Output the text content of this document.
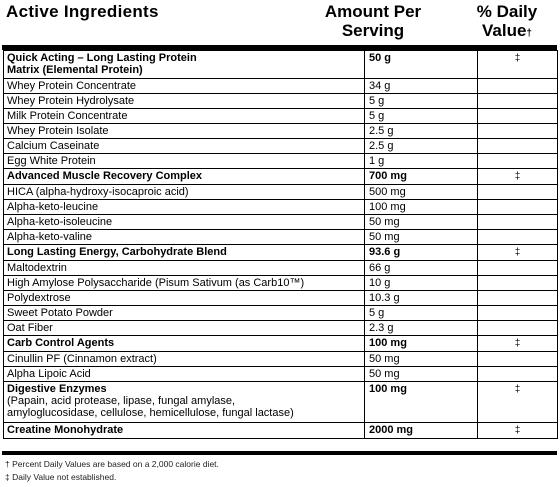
Active Ingredients	Amount Per
Serving
% Daily
Value†
Quick Acting – Long Lasting Protein
Matrix (Elemental Protein)	50 g	‡
Whey Protein Concentrate	34 g	
Whey Protein Hydrolysate	5 g	
Milk Protein Concentrate	5 g	
Whey Protein Isolate	2.5 g	
Calcium Caseinate	2.5 g	
Egg White Protein	1 g	
Advanced Muscle Recovery Complex	700 mg	‡
HICA (alpha-hydroxy-isocaproic acid)	500 mg	
Alpha-keto-leucine	100 mg	
Alpha-keto-isoleucine	50 mg	
Alpha-keto-valine	50 mg	
Long Lasting Energy, Carbohydrate Blend	93.6 g	‡
Maltodextrin	66 g	
High Amylose Polysaccharide (Pisum Sativum (as Carb10™)	10 g	
Polydextrose	10.3 g	
Sweet Potato Powder	5 g	
Oat Fiber	2.3 g	
Carb Control Agents	100 mg	‡
Cinullin PF (Cinnamon extract)	50 mg	
Alpha Lipoic Acid	50 mg	

Digestive Enzymes
(Papain, acid protease, lipase, fungal amylase,
amyloglucosidase, cellulose, hemicellulose, fungal lactase)	100 mg	‡
Creatine Monohydrate	2000 mg	‡
† Percent Daily Values are based on a 2,000 calorie diet.
‡ Daily Value not established.
